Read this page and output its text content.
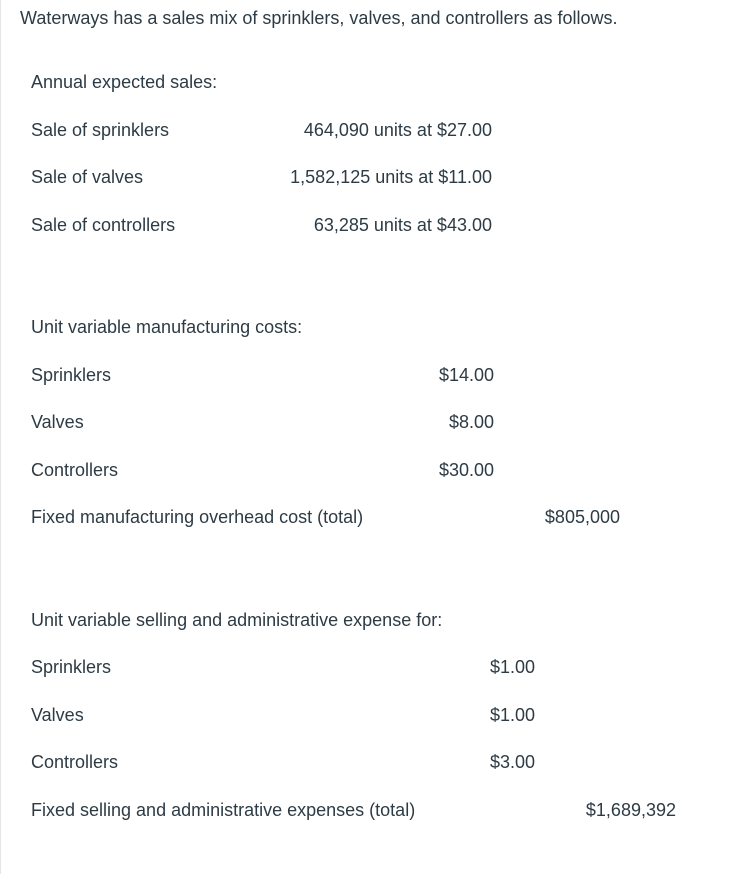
Waterways has a sales mix of sprinklers, valves, and controllers as follows.
Annual expected sales:
Sale of sprinklers	464,090 units at $27.00
Sale of valves	1,582,125 units at $11.00
Sale of controllers	63,285 units at $43.00
Unit variable manufacturing costs:
Sprinklers	$14.00
Valves	$8.00
Controllers	$30.00
Fixed manufacturing overhead cost (total)	$805,000
Unit variable selling and administrative expense for:
Sprinklers	$1.00
Valves	$1.00
Controllers	$3.00
Fixed selling and administrative expenses (total)	$1,689,392
